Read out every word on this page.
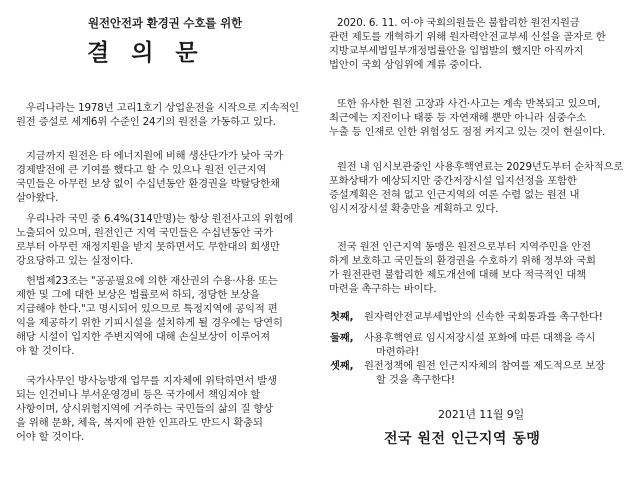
원전안전과 환경권 수호를 위한
결의문
우리나라는 1978년 고리1호기 상업운전을 시작으로 지속적인
원전 증설로 세계6위 수준인 24기의 원전을 가동하고 있다.
지금까지 원전은 타 에너지원에 비해 생산단가가 낮아 국가
경제발전에 큰 기여를 했다고 할 수 있으나 원전 인근지역
국민들은 아무런 보상 없이 수십년동안 환경권을 박탈당한채
살아왔다.
우리나라 국민 중 6.4%(314만명)는 항상 원전사고의 위험에
노출되어 있으며, 원전인근 지역 국민들은 수십년동안 국가
로부터 아무런 재정지원을 받지 못하면서도 무한대의 희생만
강요당하고 있는 실정이다.
헌법제23조는 "공공필요에 의한 재산권의 수용·사용 또는
제한 및 그에 대한 보상은 법률로써 하되, 정당한 보상을
지급해야 한다."고 명시되어 있으므로 특정지역에 공익적 편
익을 제공하기 위한 기피시설을 설치하게 될 경우에는 당연히
해당 시설이 입지한 주변지역에 대해 손실보상이 이루어져
야 할 것이다.
국가사무인 방사능방재 업무를 지자체에 위탁하면서 발생
되는 인건비나 부서운영경비 등은 국가에서 책임져야 할
사항이며, 상시위험지역에 거주하는 국민들의 삶의 질 향상
을 위해 문화, 체육, 복지에 관한 인프라도 반드시 확충되
어야 할 것이다.
2020. 6. 11. 여·야 국회의원들은 불합리한 원전지원금
관련 제도를 개혁하기 위해 원자력안전교부세 신설을 골자로 한
지방교부세법일부개정법률안을 입법발의 했지만 아직까지
법안이 국회 상임위에 계류 중이다.
또한 유사한 원전 고장과 사건·사고는 계속 반복되고 있으며,
최근에는 지진이나 태풍 등 자연재해 뿐만 아니라 심중수소
누출 등 인재로 인한 위험성도 점점 커지고 있는 것이 현실이다.
원전 내 임시보관중인 사용후핵연료는 2029년도부터 순차적으로
포화상태가 예상되지만 중간저장시설 입지선정을 포함한
증설계획은 전혀 없고 인근지역의 여론 수렴 없는 원전 내
임시저장시설 확충만을 계획하고 있다.
전국 원전 인근지역 동맹은 원전으로부터 지역주민을 안전
하게 보호하고 국민들의 환경권을 수호하기 위해 정부와 국회
가 원전관련 불합리한 제도개선에 대해 보다 적극적인 대책
마련을 촉구하는 바이다.
첫째, 원자력안전교부세법안의 신속한 국회통과를 촉구한다!
둘째, 사용후핵연료 임시저장시설 포화에 따른 대책을 즉시
마련하라!
셋째, 원전정책에 원전 인근지자체의 참여를 제도적으로 보장
할 것을 촉구한다!
2021년 11월 9일
전국 원전 인근지역 동맹
